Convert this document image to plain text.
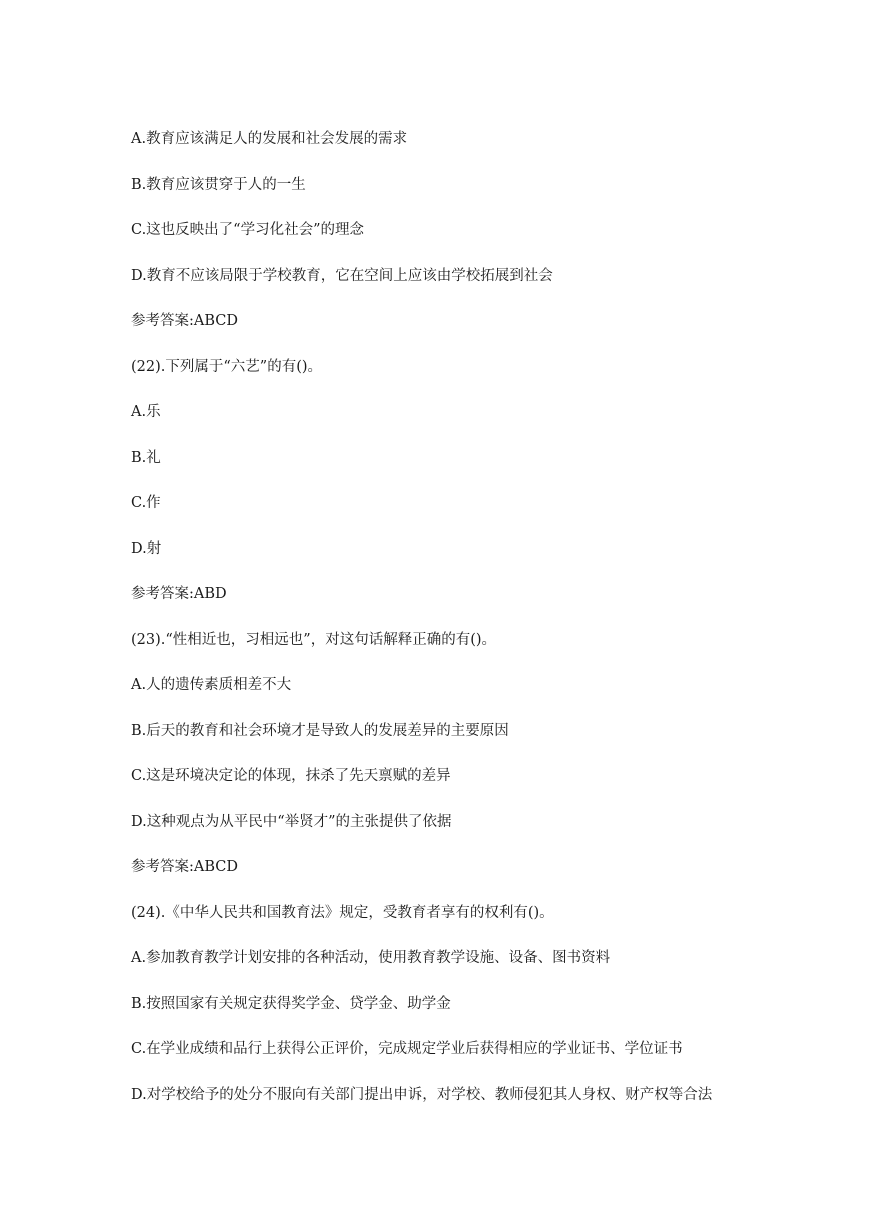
A.教育应该满足人的发展和社会发展的需求

B.教育应该贯穿于人的一生

C.这也反映出了“学习化社会”的理念

D.教育不应该局限于学校教育，它在空间上应该由学校拓展到社会

参考答案:ABCD

(22).下列属于“六艺”的有()。

A.乐

B.礼

C.作

D.射

参考答案:ABD

(23).“性相近也，习相远也”，对这句话解释正确的有()。

A.人的遗传素质相差不大

B.后天的教育和社会环境才是导致人的发展差异的主要原因

C.这是环境决定论的体现，抹杀了先天禀赋的差异

D.这种观点为从平民中“举贤才”的主张提供了依据

参考答案:ABCD

(24).《中华人民共和国教育法》规定，受教育者享有的权利有()。

A.参加教育教学计划安排的各种活动，使用教育教学设施、设备、图书资料

B.按照国家有关规定获得奖学金、贷学金、助学金

C.在学业成绩和品行上获得公正评价，完成规定学业后获得相应的学业证书、学位证书

D.对学校给予的处分不服向有关部门提出申诉，对学校、教师侵犯其人身权、财产权等合法
